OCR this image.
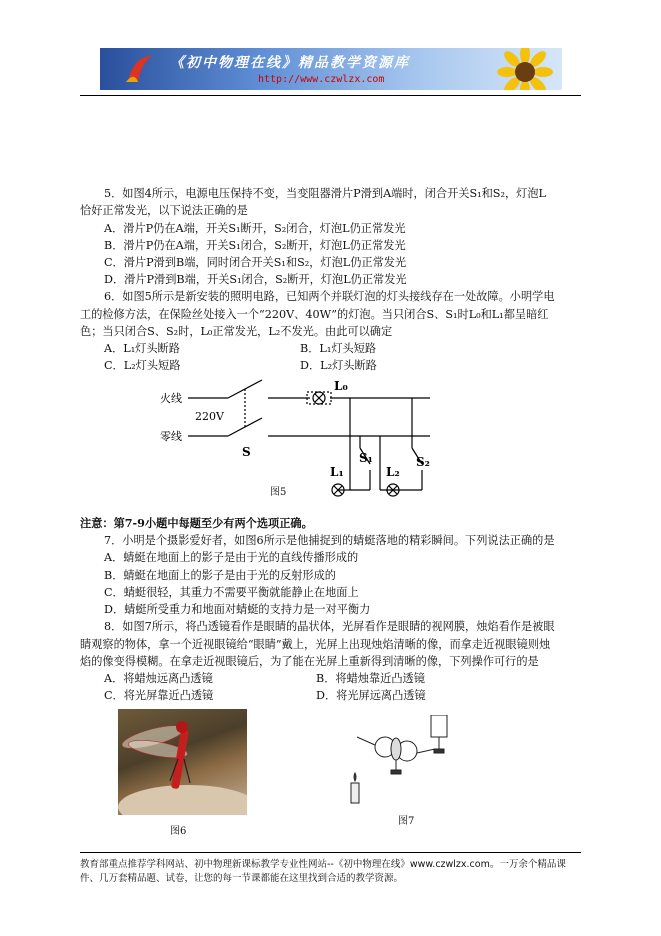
《初中物理在线》精品教学资源库
http://www.czwlzx.com
5．如图4所示，电源电压保持不变，当变阻器滑片P滑到A端时，闭合开关S₁和S₂，灯泡L
恰好正常发光，以下说法正确的是
A．滑片P仍在A端，开关S₁断开，S₂闭合，灯泡L仍正常发光
B．滑片P仍在A端，开关S₁闭合，S₂断开，灯泡L仍正常发光
C．滑片P滑到B端，同时闭合开关S₁和S₂，灯泡L仍正常发光
D．滑片P滑到B端，开关S₁闭合，S₂断开，灯泡L仍正常发光
6．如图5所示是新安装的照明电路，已知两个并联灯泡的灯头接线存在一处故障。小明学电
工的检修方法，在保险丝处接入一个“220V、40W”的灯泡。当只闭合S、S₁时L₀和L₁都呈暗红
色；当只闭合S、S₂时，L₀正常发光，L₂不发光。由此可以确定
A．L₁灯头断路	B．L₁灯头短路
C．L₂灯头短路	D．L₂灯头断路
火线
零线
220V
S
L₀
L₁
S₁
L₂
S₂
图5
注意：第7-9小题中每题至少有两个选项正确。
7．小明是个摄影爱好者，如图6所示是他捕捉到的蜻蜓落地的精彩瞬间。下列说法正确的是
A．蜻蜓在地面上的影子是由于光的直线传播形成的
B．蜻蜓在地面上的影子是由于光的反射形成的
C．蜻蜓很轻，其重力不需要平衡就能静止在地面上
D．蜻蜓所受重力和地面对蜻蜓的支持力是一对平衡力
8．如图7所示，将凸透镜看作是眼睛的晶状体，光屏看作是眼睛的视网膜，烛焰看作是被眼
睛观察的物体，拿一个近视眼镜给“眼睛”戴上，光屏上出现烛焰清晰的像，而拿走近视眼镜则烛
焰的像变得模糊。在拿走近视眼镜后，为了能在光屏上重新得到清晰的像，下列操作可行的是
A．将蜡烛远离凸透镜	B．将蜡烛靠近凸透镜
C．将光屏靠近凸透镜	D．将光屏远离凸透镜
图6
图7
教育部重点推荐学科网站、初中物理新课标教学专业性网站--《初中物理在线》www.czwlzx.com。一万余个精品课
件、几万套精品题、试卷，让您的每一节课都能在这里找到合适的教学资源。
